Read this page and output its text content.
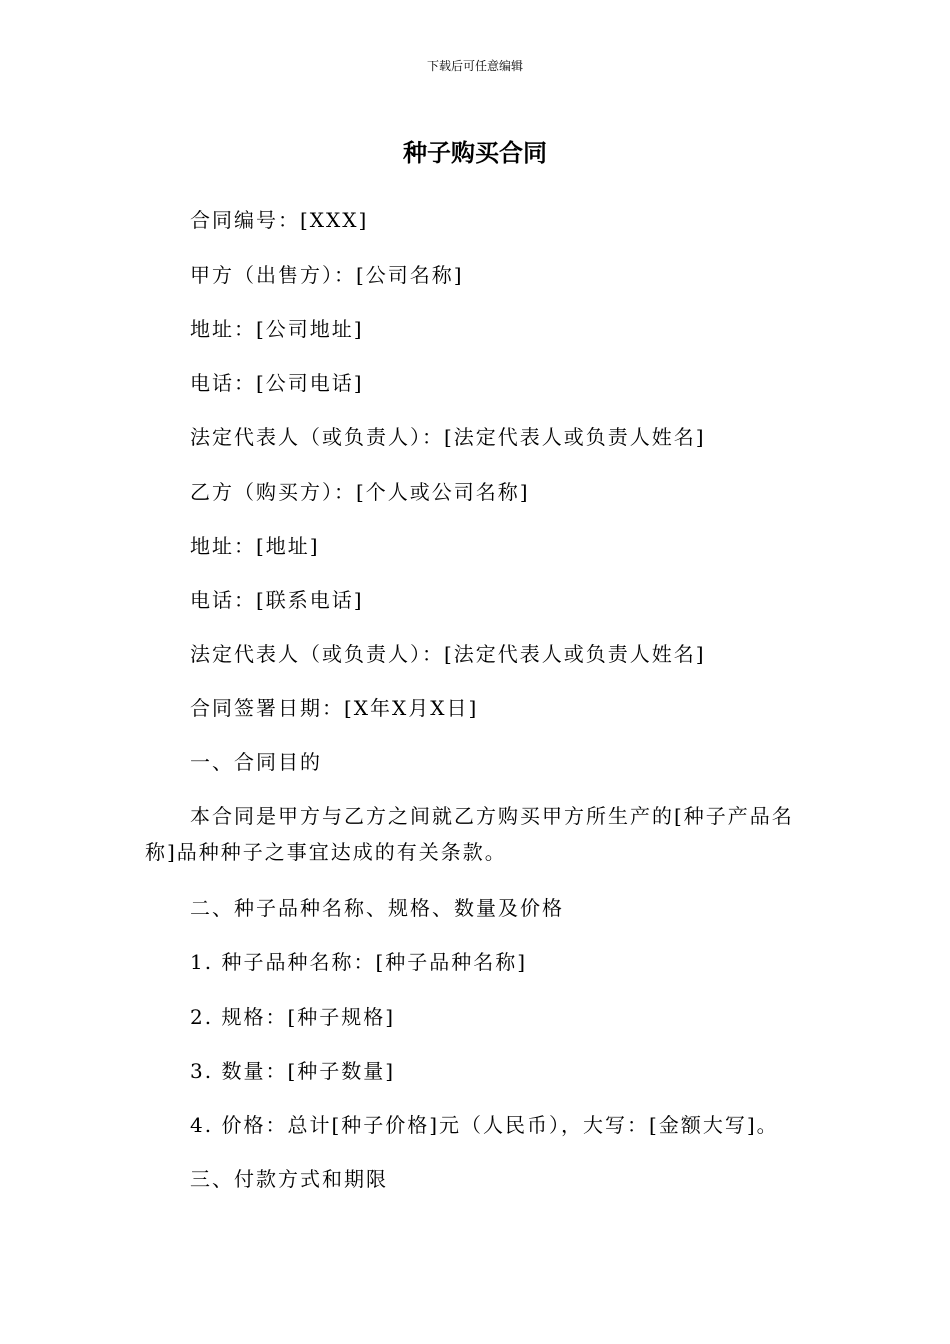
下载后可任意编辑
种子购买合同
合同编号：[XXX]
甲方（出售方）：[公司名称]
地址：[公司地址]
电话：[公司电话]
法定代表人（或负责人）：[法定代表人或负责人姓名]
乙方（购买方）：[个人或公司名称]
地址：[地址]
电话：[联系电话]
法定代表人（或负责人）：[法定代表人或负责人姓名]
合同签署日期：[X年X月X日]
一、合同目的
本合同是甲方与乙方之间就乙方购买甲方所生产的[种子产品名称]品种种子之事宜达成的有关条款。
二、种子品种名称、规格、数量及价格
1. 种子品种名称：[种子品种名称]
2. 规格：[种子规格]
3. 数量：[种子数量]
4. 价格：总计[种子价格]元（人民币），大写：[金额大写]。
三、付款方式和期限
